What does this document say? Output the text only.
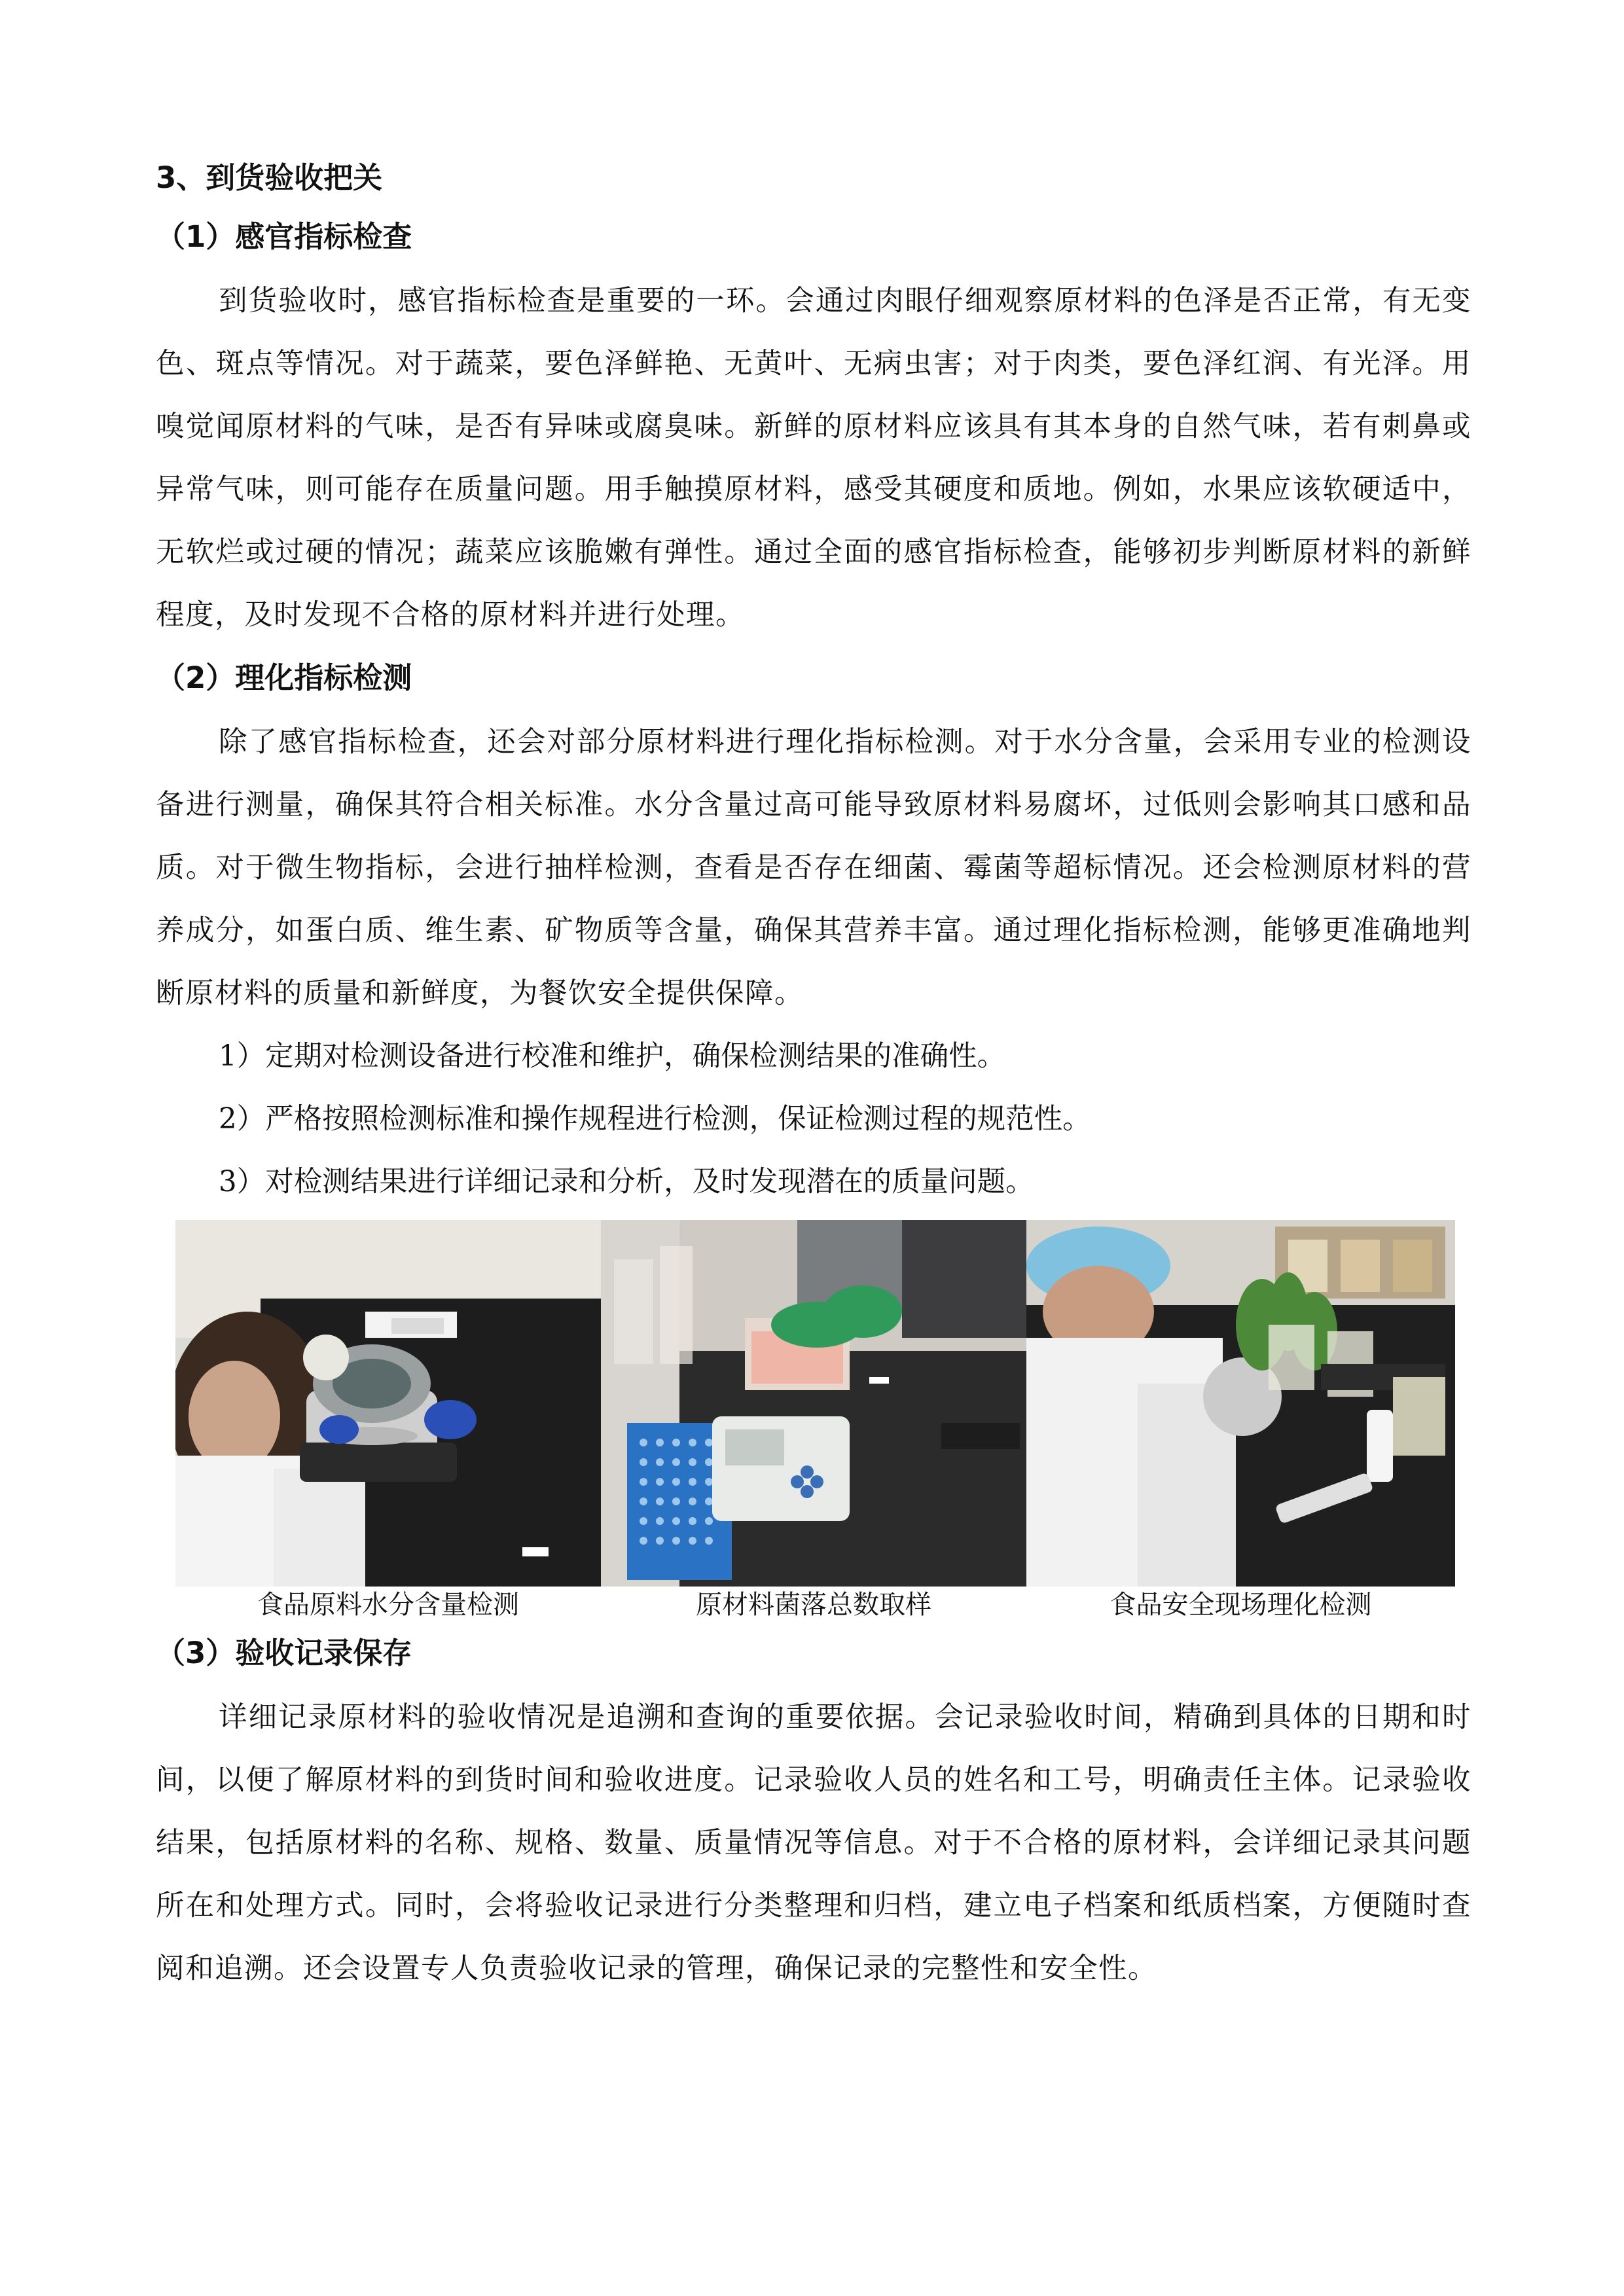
3、到货验收把关
（1）感官指标检查

到货验收时，感官指标检查是重要的一环。会通过肉眼仔细观察原材料的色泽是否正常，有无变色、斑点等情况。对于蔬菜，要色泽鲜艳、无黄叶、无病虫害；对于肉类，要色泽红润、有光泽。用嗅觉闻原材料的气味，是否有异味或腐臭味。新鲜的原材料应该具有其本身的自然气味，若有刺鼻或异常气味，则可能存在质量问题。用手触摸原材料，感受其硬度和质地。例如，水果应该软硬适中，无软烂或过硬的情况；蔬菜应该脆嫩有弹性。通过全面的感官指标检查，能够初步判断原材料的新鲜程度，及时发现不合格的原材料并进行处理。

（2）理化指标检测

除了感官指标检查，还会对部分原材料进行理化指标检测。对于水分含量，会采用专业的检测设备进行测量，确保其符合相关标准。水分含量过高可能导致原材料易腐坏，过低则会影响其口感和品质。对于微生物指标，会进行抽样检测，查看是否存在细菌、霉菌等超标情况。还会检测原材料的营养成分，如蛋白质、维生素、矿物质等含量，确保其营养丰富。通过理化指标检测，能够更准确地判断原材料的质量和新鲜度，为餐饮安全提供保障。

1）定期对检测设备进行校准和维护，确保检测结果的准确性。

2）严格按照检测标准和操作规程进行检测，保证检测过程的规范性。

3）对检测结果进行详细记录和分析，及时发现潜在的质量问题。

食品原料水分含量检测	原材料菌落总数取样	食品安全现场理化检测
（3）验收记录保存

详细记录原材料的验收情况是追溯和查询的重要依据。会记录验收时间，精确到具体的日期和时间，以便了解原材料的到货时间和验收进度。记录验收人员的姓名和工号，明确责任主体。记录验收结果，包括原材料的名称、规格、数量、质量情况等信息。对于不合格的原材料，会详细记录其问题所在和处理方式。同时，会将验收记录进行分类整理和归档，建立电子档案和纸质档案，方便随时查阅和追溯。还会设置专人负责验收记录的管理，确保记录的完整性和安全性。
